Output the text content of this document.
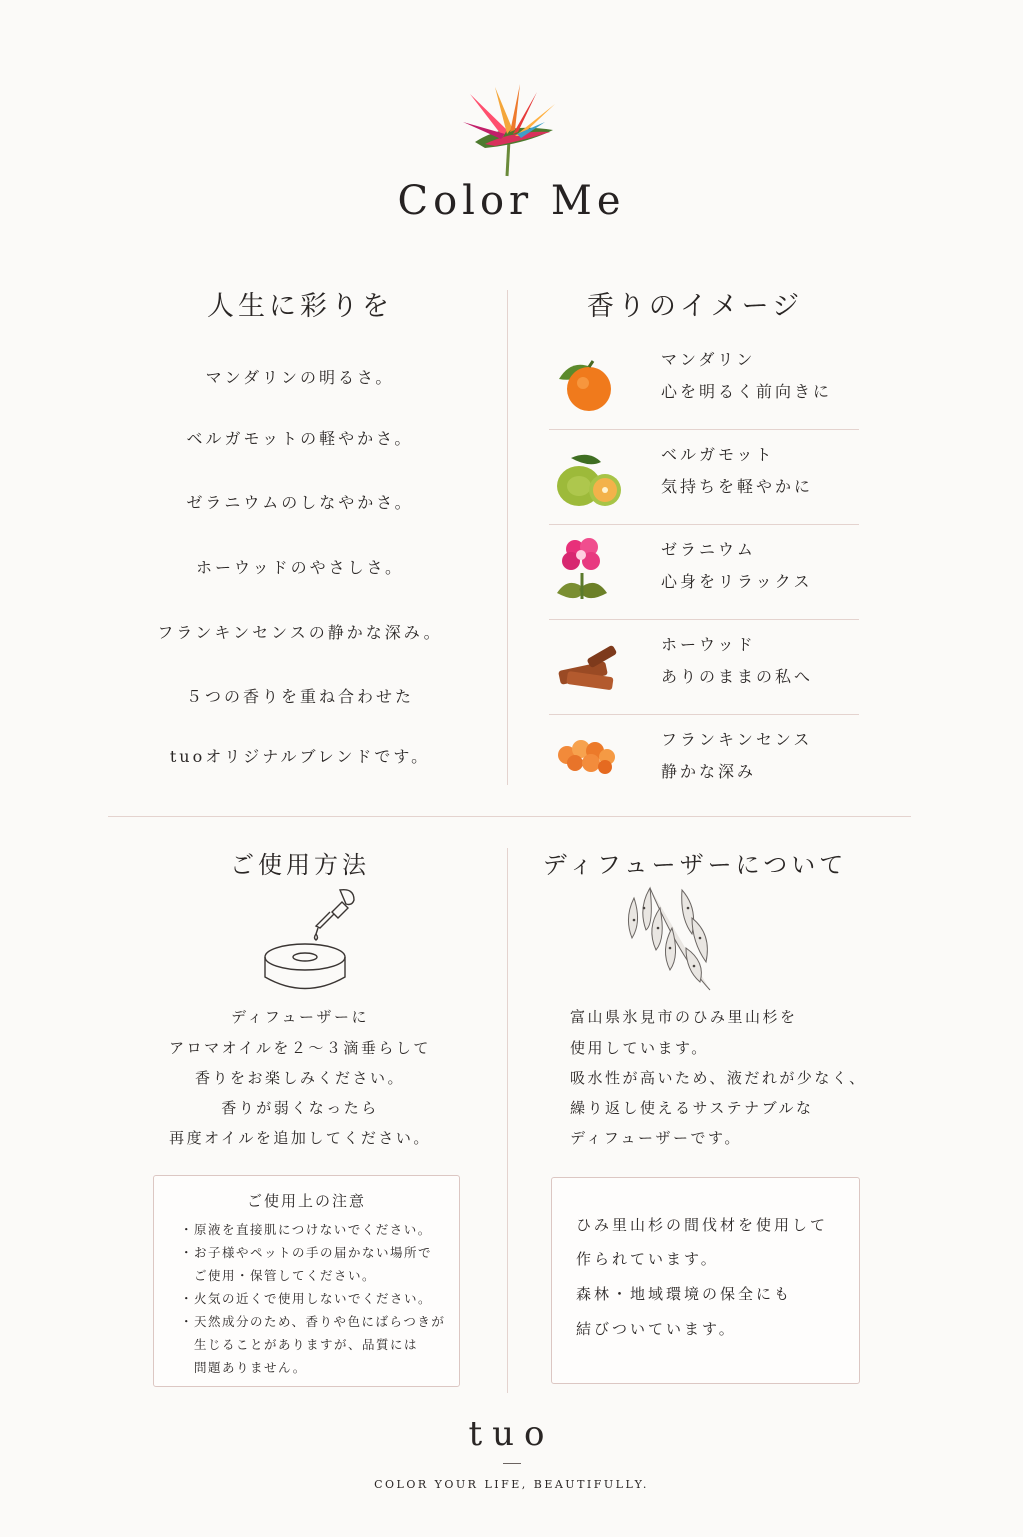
Color Me
人生に彩りを
マンダリンの明るさ。
ベルガモットの軽やかさ。
ゼラニウムのしなやかさ。
ホーウッドのやさしさ。
フランキンセンスの静かな深み。
５つの香りを重ね合わせた
tuoオリジナルブレンドです。
香りのイメージ
マンダリン
心を明るく前向きに
ベルガモット
気持ちを軽やかに
ゼラニウム
心身をリラックス
ホーウッド
ありのままの私へ
フランキンセンス
静かな深み
ご使用方法
ディフューザーに
アロマオイルを２～３滴垂らして
香りをお楽しみください。
香りが弱くなったら
再度オイルを追加してください。
ご使用上の注意
・原液を直接肌につけないでください。
・お子様やペットの手の届かない場所で
　ご使用・保管してください。
・火気の近くで使用しないでください。
・天然成分のため、香りや色にばらつきが
　生じることがありますが、品質には
　問題ありません。
ディフューザーについて
富山県氷見市のひみ里山杉を
使用しています。
吸水性が高いため、液だれが少なく、
繰り返し使えるサステナブルな
ディフューザーです。
ひみ里山杉の間伐材を使用して
作られています。
森林・地域環境の保全にも
結びついています。
tuo
COLOR YOUR LIFE, BEAUTIFULLY.
